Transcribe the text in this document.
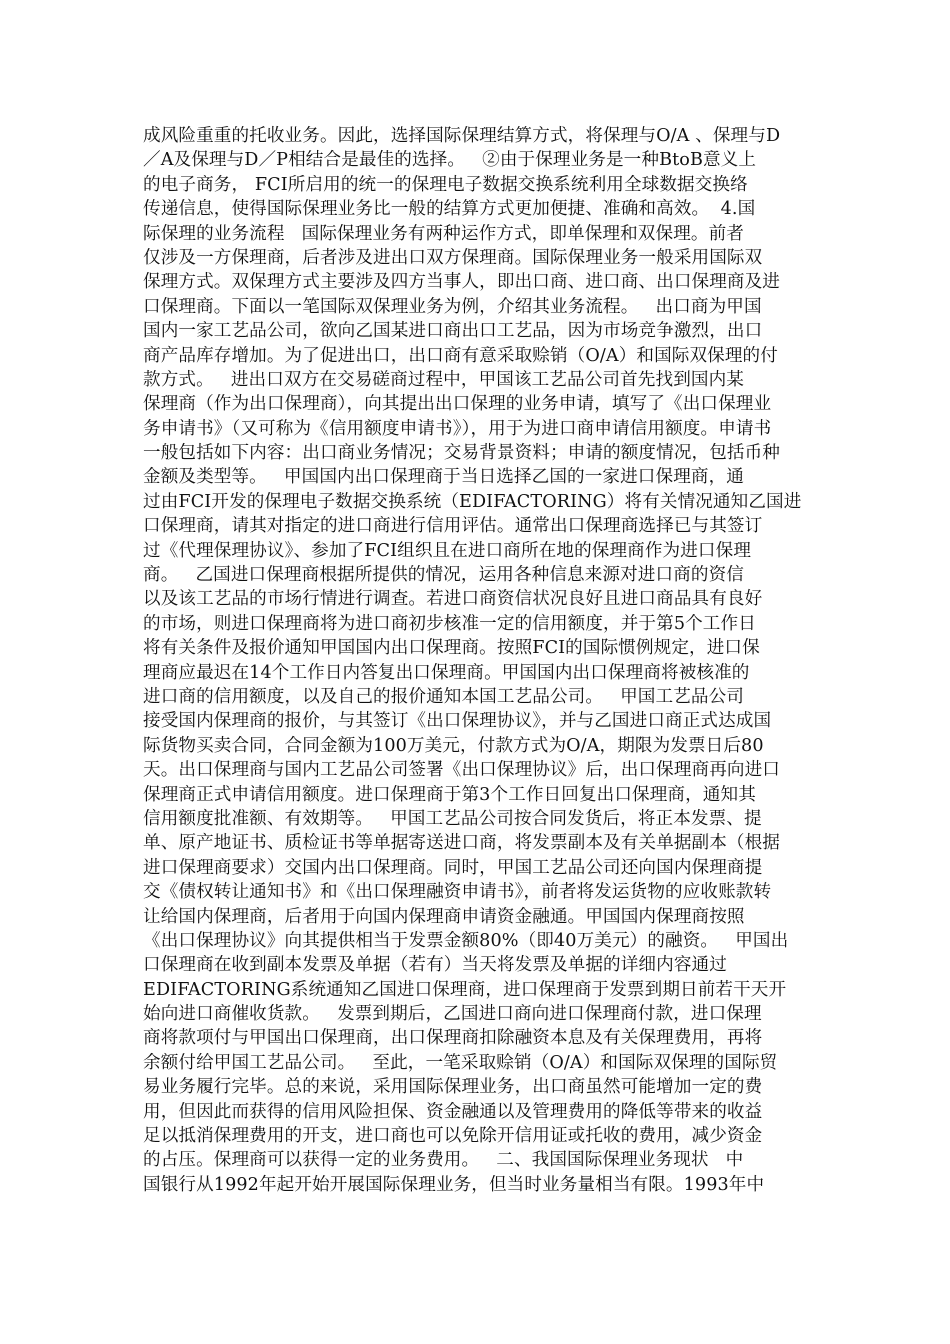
成风险重重的托收业务。因此，选择国际保理结算方式，将保理与O/A 、保理与D
／A及保理与D／P相结合是最佳的选择。   ②由于保理业务是一种BtoB意义上
的电子商务， FCI所启用的统一的保理电子数据交换系统利用全球数据交换络
传递信息，使得国际保理业务比一般的结算方式更加便捷、准确和高效。  4.国
际保理的业务流程   国际保理业务有两种运作方式，即单保理和双保理。前者
仅涉及一方保理商，后者涉及进出口双方保理商。国际保理业务一般采用国际双
保理方式。双保理方式主要涉及四方当事人，即出口商、进口商、出口保理商及进
口保理商。下面以一笔国际双保理业务为例，介绍其业务流程。   出口商为甲国
国内一家工艺品公司，欲向乙国某进口商出口工艺品，因为市场竞争激烈，出口
商产品库存增加。为了促进出口，出口商有意采取赊销（O/A）和国际双保理的付
款方式。   进出口双方在交易磋商过程中，甲国该工艺品公司首先找到国内某
保理商（作为出口保理商），向其提出出口保理的业务申请，填写了《出口保理业
务申请书》（又可称为《信用额度申请书》），用于为进口商申请信用额度。申请书
一般包括如下内容：出口商业务情况；交易背景资料；申请的额度情况，包括币种
金额及类型等。   甲国国内出口保理商于当日选择乙国的一家进口保理商，通
过由FCI开发的保理电子数据交换系统（EDIFACTORING）将有关情况通知乙国进
口保理商，请其对指定的进口商进行信用评估。通常出口保理商选择已与其签订
过《代理保理协议》、参加了FCI组织且在进口商所在地的保理商作为进口保理
商。   乙国进口保理商根据所提供的情况，运用各种信息来源对进口商的资信
以及该工艺品的市场行情进行调查。若进口商资信状况良好且进口商品具有良好
的市场，则进口保理商将为进口商初步核准一定的信用额度，并于第5个工作日
将有关条件及报价通知甲国国内出口保理商。按照FCI的国际惯例规定，进口保
理商应最迟在14个工作日内答复出口保理商。甲国国内出口保理商将被核准的
进口商的信用额度，以及自己的报价通知本国工艺品公司。   甲国工艺品公司
接受国内保理商的报价，与其签订《出口保理协议》，并与乙国进口商正式达成国
际货物买卖合同，合同金额为100万美元，付款方式为O/A，期限为发票日后80
天。出口保理商与国内工艺品公司签署《出口保理协议》后，出口保理商再向进口
保理商正式申请信用额度。进口保理商于第3个工作日回复出口保理商，通知其
信用额度批准额、有效期等。   甲国工艺品公司按合同发货后，将正本发票、提
单、原产地证书、质检证书等单据寄送进口商，将发票副本及有关单据副本（根据
进口保理商要求）交国内出口保理商。同时，甲国工艺品公司还向国内保理商提
交《债权转让通知书》和《出口保理融资申请书》，前者将发运货物的应收账款转
让给国内保理商，后者用于向国内保理商申请资金融通。甲国国内保理商按照
《出口保理协议》向其提供相当于发票金额80%（即40万美元）的融资。   甲国出
口保理商在收到副本发票及单据（若有）当天将发票及单据的详细内容通过
EDIFACTORING系统通知乙国进口保理商，进口保理商于发票到期日前若干天开
始向进口商催收货款。   发票到期后，乙国进口商向进口保理商付款，进口保理
商将款项付与甲国出口保理商，出口保理商扣除融资本息及有关保理费用，再将
余额付给甲国工艺品公司。   至此，一笔采取赊销（O/A）和国际双保理的国际贸
易业务履行完毕。总的来说，采用国际保理业务，出口商虽然可能增加一定的费
用，但因此而获得的信用风险担保、资金融通以及管理费用的降低等带来的收益
足以抵消保理费用的开支，进口商也可以免除开信用证或托收的费用，减少资金
的占压。保理商可以获得一定的业务费用。   二、我国国际保理业务现状   中
国银行从1992年起开始开展国际保理业务，但当时业务量相当有限。1993年中
